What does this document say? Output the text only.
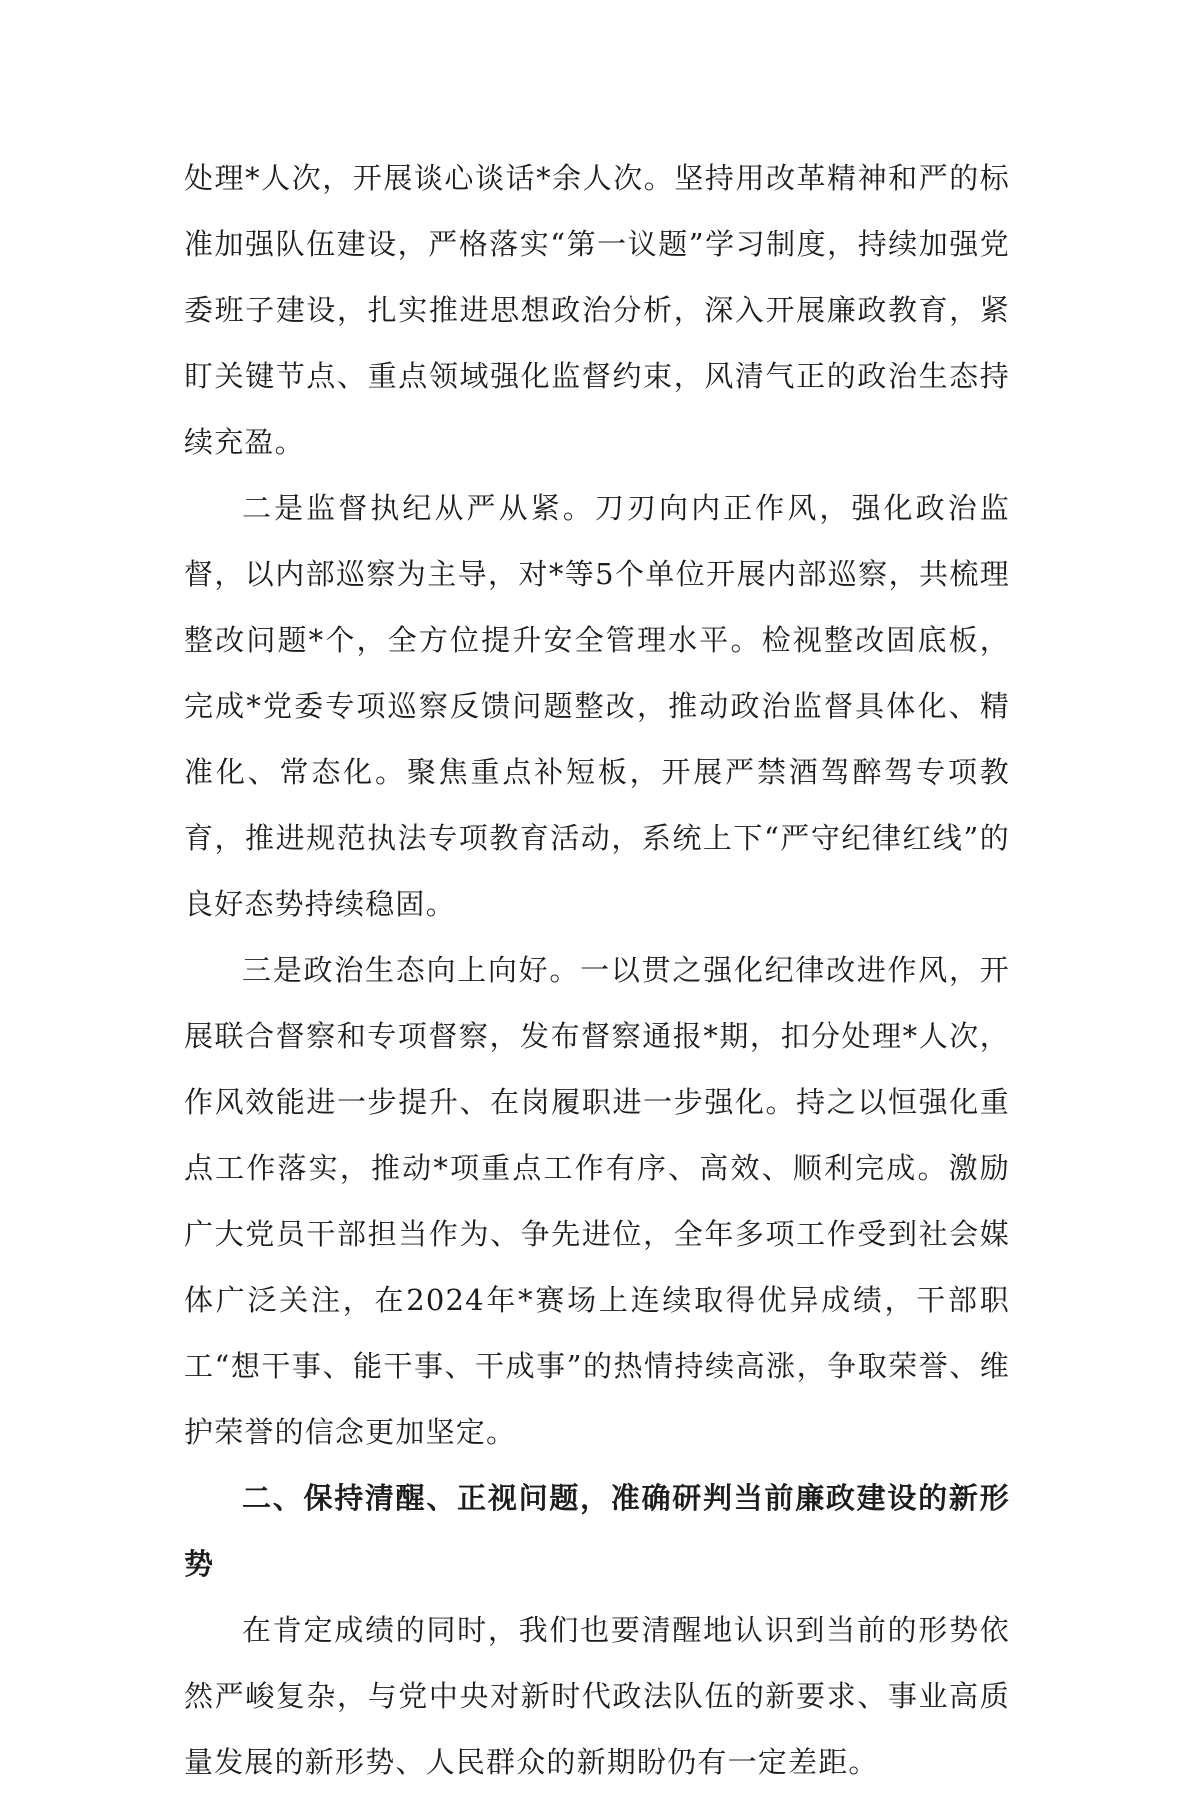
处理*人次，开展谈心谈话*余人次。坚持用改革精神和严的标准加强队伍建设，严格落实“第一议题”学习制度，持续加强党委班子建设，扎实推进思想政治分析，深入开展廉政教育，紧盯关键节点、重点领域强化监督约束，风清气正的政治生态持续充盈。

二是监督执纪从严从紧。刀刃向内正作风，强化政治监督，以内部巡察为主导，对*等5个单位开展内部巡察，共梳理整改问题*个，全方位提升安全管理水平。检视整改固底板，完成*党委专项巡察反馈问题整改，推动政治监督具体化、精准化、常态化。聚焦重点补短板，开展严禁酒驾醉驾专项教育，推进规范执法专项教育活动，系统上下“严守纪律红线”的良好态势持续稳固。

三是政治生态向上向好。一以贯之强化纪律改进作风，开展联合督察和专项督察，发布督察通报*期，扣分处理*人次，作风效能进一步提升、在岗履职进一步强化。持之以恒强化重点工作落实，推动*项重点工作有序、高效、顺利完成。激励广大党员干部担当作为、争先进位，全年多项工作受到社会媒体广泛关注，在2024年*赛场上连续取得优异成绩，干部职工“想干事、能干事、干成事”的热情持续高涨，争取荣誉、维护荣誉的信念更加坚定。

二、保持清醒、正视问题，准确研判当前廉政建设的新形势

在肯定成绩的同时，我们也要清醒地认识到当前的形势依然严峻复杂，与党中央对新时代政法队伍的新要求、事业高质量发展的新形势、人民群众的新期盼仍有一定差距。
